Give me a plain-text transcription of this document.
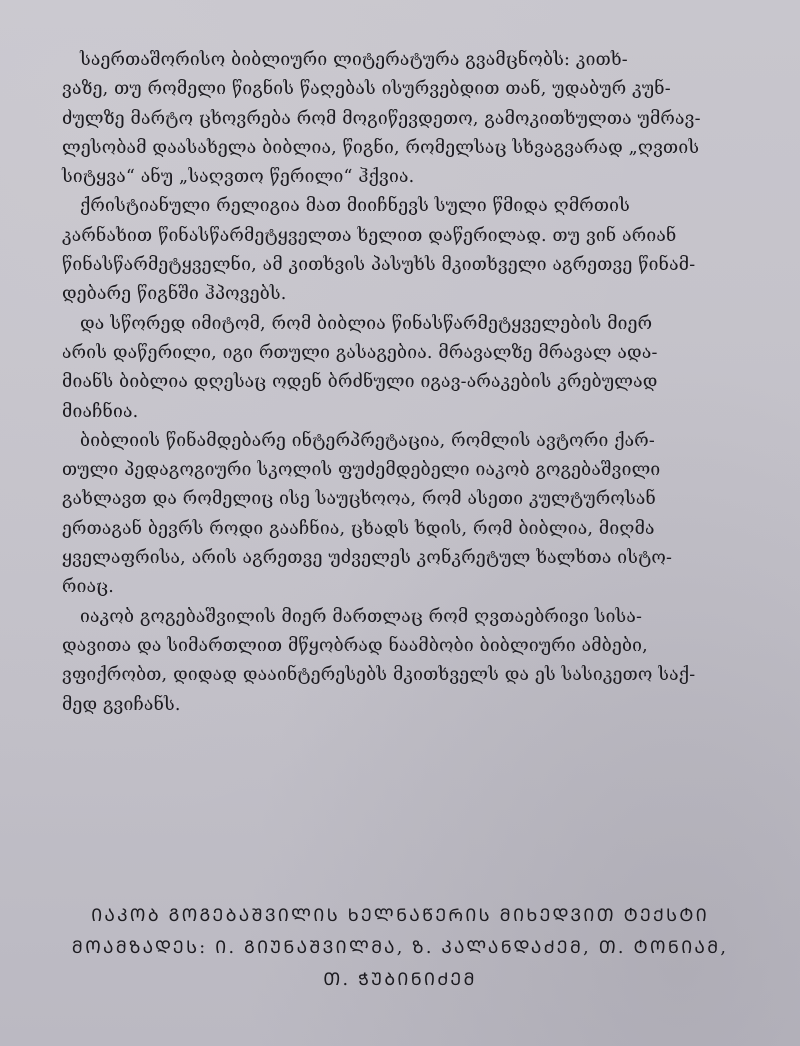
საერთაშორისო ბიბლიური ლიტერატურა გვამცნობს: კითხ-
ვაზე, თუ რომელი წიგნის წაღებას ისურვებდით თან, უდაბურ კუნ-
ძულზე მარტო ცხოვრება რომ მოგიწევდეთო, გამოკითხულთა უმრავ-
ლესობამ დაასახელა ბიბლია, წიგნი, რომელსაც სხვაგვარად „ღვთის
სიტყვა“ ანუ „საღვთო წერილი“ ჰქვია.
ქრისტიანული რელიგია მათ მიიჩნევს სული წმიდა ღმრთის
კარნახით წინასწარმეტყველთა ხელით დაწერილად. თუ ვინ არიან
წინასწარმეტყველნი, ამ კითხვის პასუხს მკითხველი აგრეთვე წინამ-
დებარე წიგნში ჰპოვებს.
და სწორედ იმიტომ, რომ ბიბლია წინასწარმეტყველების მიერ
არის დაწერილი, იგი რთული გასაგებია. მრავალზე მრავალ ადა-
მიანს ბიბლია დღესაც ოდენ ბრძნული იგავ-არაკების კრებულად
მიაჩნია.
ბიბლიის წინამდებარე ინტერპრეტაცია, რომლის ავტორი ქარ-
თული პედაგოგიური სკოლის ფუძემდებელი იაკობ გოგებაშვილი
გახლავთ და რომელიც ისე საუცხოოა, რომ ასეთი კულტუროსან
ერთაგან ბევრს როდი გააჩნია, ცხადს ხდის, რომ ბიბლია, მიღმა
ყველაფრისა, არის აგრეთვე უძველეს კონკრეტულ ხალხთა ისტო-
რიაც.
იაკობ გოგებაშვილის მიერ მართლაც რომ ღვთაებრივი სისა-
დავითა და სიმართლით მწყობრად ნაამბობი ბიბლიური ამბები,
ვფიქრობთ, დიდად დააინტერესებს მკითხველს და ეს სასიკეთო საქ-
მედ გვიჩანს.
ᲘᲐᲙᲝᲑ ᲒᲝᲒᲔᲑᲐᲨᲕᲘᲚᲘᲡ ᲮᲔᲚᲜᲐᲬᲔᲠᲘᲡ ᲛᲘᲮᲔᲓᲕᲘᲗ ᲢᲔᲥᲡᲢᲘ
ᲛᲝᲐᲛᲖᲐᲓᲔᲡ: Ი. ᲒᲘᲣᲜᲐᲨᲕᲘᲚᲛᲐ, Ზ. ᲙᲐᲚᲐᲜᲓᲐᲫᲔᲛ, Თ. ᲢᲝᲜᲘᲐᲛ,
Თ. ᲭᲣᲑᲘᲜᲘᲫᲔᲛ
